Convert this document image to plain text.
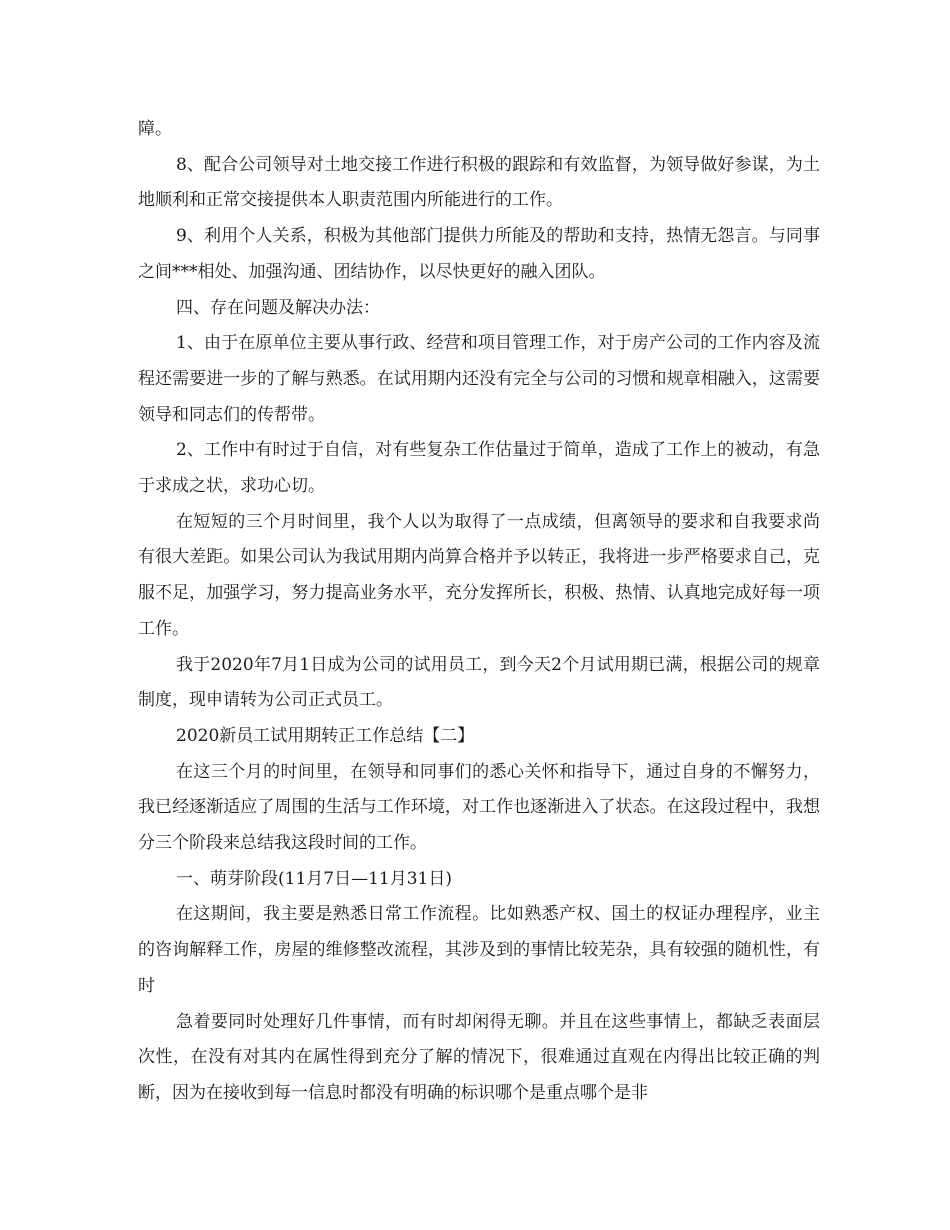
障。

8、配合公司领导对土地交接工作进行积极的跟踪和有效监督，为领导做好参谋，为土地顺利和正常交接提供本人职责范围内所能进行的工作。

9、利用个人关系，积极为其他部门提供力所能及的帮助和支持，热情无怨言。与同事之间***相处、加强沟通、团结协作，以尽快更好的融入团队。

四、存在问题及解决办法：

1、由于在原单位主要从事行政、经营和项目管理工作，对于房产公司的工作内容及流程还需要进一步的了解与熟悉。在试用期内还没有完全与公司的习惯和规章相融入，这需要领导和同志们的传帮带。

2、工作中有时过于自信，对有些复杂工作估量过于简单，造成了工作上的被动，有急于求成之状，求功心切。

在短短的三个月时间里，我个人以为取得了一点成绩，但离领导的要求和自我要求尚有很大差距。如果公司认为我试用期内尚算合格并予以转正，我将进一步严格要求自己，克服不足，加强学习，努力提高业务水平，充分发挥所长，积极、热情、认真地完成好每一项工作。

我于2020年7月1日成为公司的试用员工，到今天2个月试用期已满，根据公司的规章制度，现申请转为公司正式员工。

2020新员工试用期转正工作总结【二】

在这三个月的时间里，在领导和同事们的悉心关怀和指导下，通过自身的不懈努力，我已经逐渐适应了周围的生活与工作环境，对工作也逐渐进入了状态。在这段过程中，我想分三个阶段来总结我这段时间的工作。

一、萌芽阶段(11月7日—11月31日)

在这期间，我主要是熟悉日常工作流程。比如熟悉产权、国土的权证办理程序，业主的咨询解释工作，房屋的维修整改流程，其涉及到的事情比较芜杂，具有较强的随机性，有时

急着要同时处理好几件事情，而有时却闲得无聊。并且在这些事情上，都缺乏表面层次性，在没有对其内在属性得到充分了解的情况下，很难通过直观在内得出比较正确的判断，因为在接收到每一信息时都没有明确的标识哪个是重点哪个是非
